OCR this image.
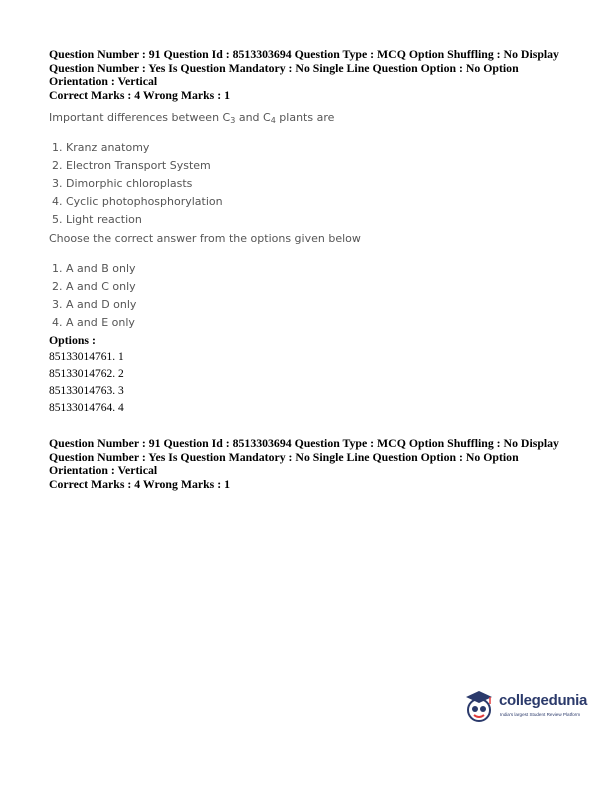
Question Number : 91 Question Id : 8513303694 Question Type : MCQ Option Shuffling : No Display
Question Number : Yes Is Question Mandatory : No Single Line Question Option : No Option
Orientation : Vertical
Correct Marks : 4 Wrong Marks : 1
Important differences between $C_3$ and $C_4$ plants are
1. Kranz anatomy
2. Electron Transport System
3. Dimorphic chloroplasts
4. Cyclic photophosphorylation
5. Light reaction
Choose the correct answer from the options given below
1. A and B only
2. A and C only
3. A and D only
4. A and E only
Options :
85133014761. 1
85133014762. 2
85133014763. 3
85133014764. 4
Question Number : 91 Question Id : 8513303694 Question Type : MCQ Option Shuffling : No Display
Question Number : Yes Is Question Mandatory : No Single Line Question Option : No Option
Orientation : Vertical
Correct Marks : 4 Wrong Marks : 1
collegedunia
India's largest Student Review Platform
